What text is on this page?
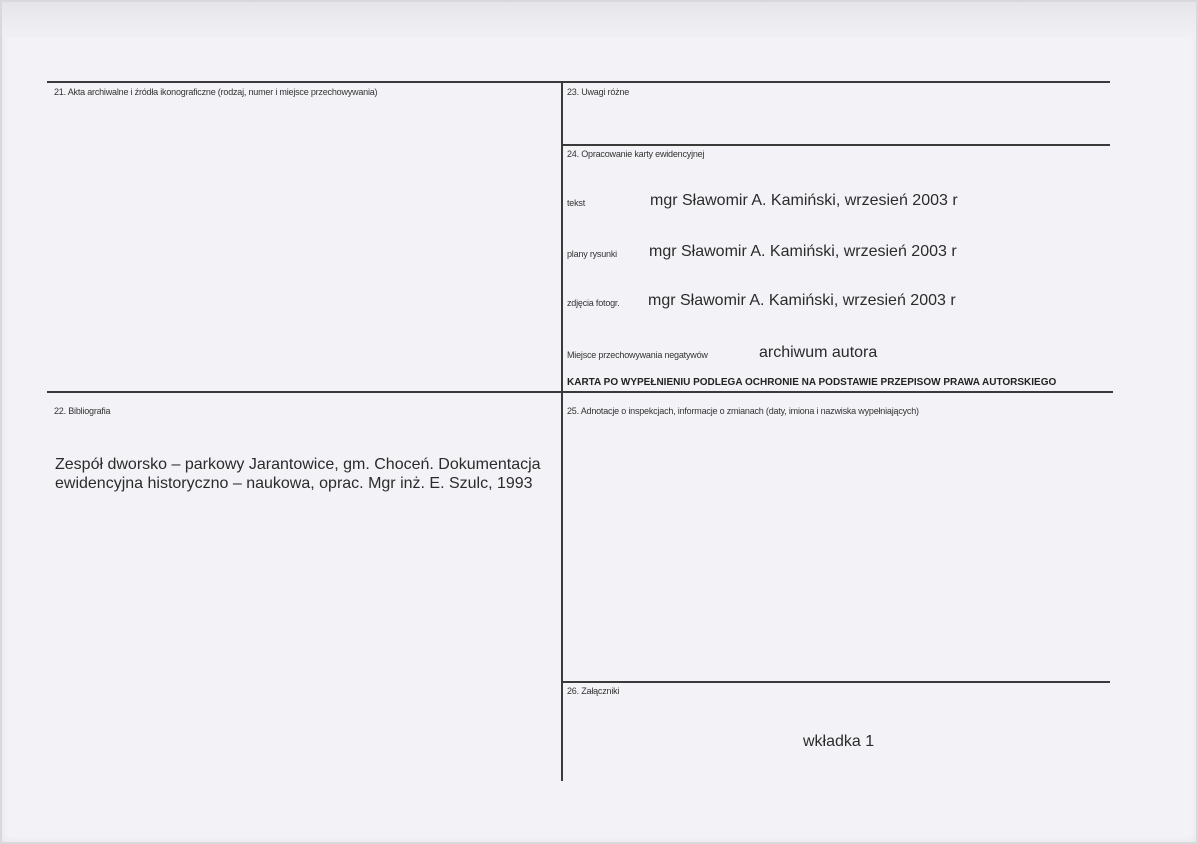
21. Akta archiwalne i źródła ikonograficzne (rodzaj, numer i miejsce przechowywania)	23. Uwagi różne
24. Opracowanie karty ewidencyjnej
tekst	mgr Sławomir A. Kamiński, wrzesień 2003 r
plany rysunki mgr Sławomir A. Kamiński, wrzesień 2003 r
zdjęcia fotogr. mgr Sławomir A. Kamiński, wrzesień 2003 r
Miejsce przechowywania negatywów	archiwum autora
KARTA PO WYPEŁNIENIU PODLEGA OCHRONIE NA PODSTAWIE PRZEPISÓW PRAWA AUTORSKIEGO
22. Bibliografia
Zespół dworsko – parkowy Jarantowice, gm. Choceń. Dokumentacja
ewidencyjna historyczno – naukowa, oprac. Mgr inż. E. Szulc, 1993
25. Adnotacje o inspekcjach, informacje o zmianach (daty, imiona i nazwiska wypełniających)
26. Załączniki
wkładka 1
